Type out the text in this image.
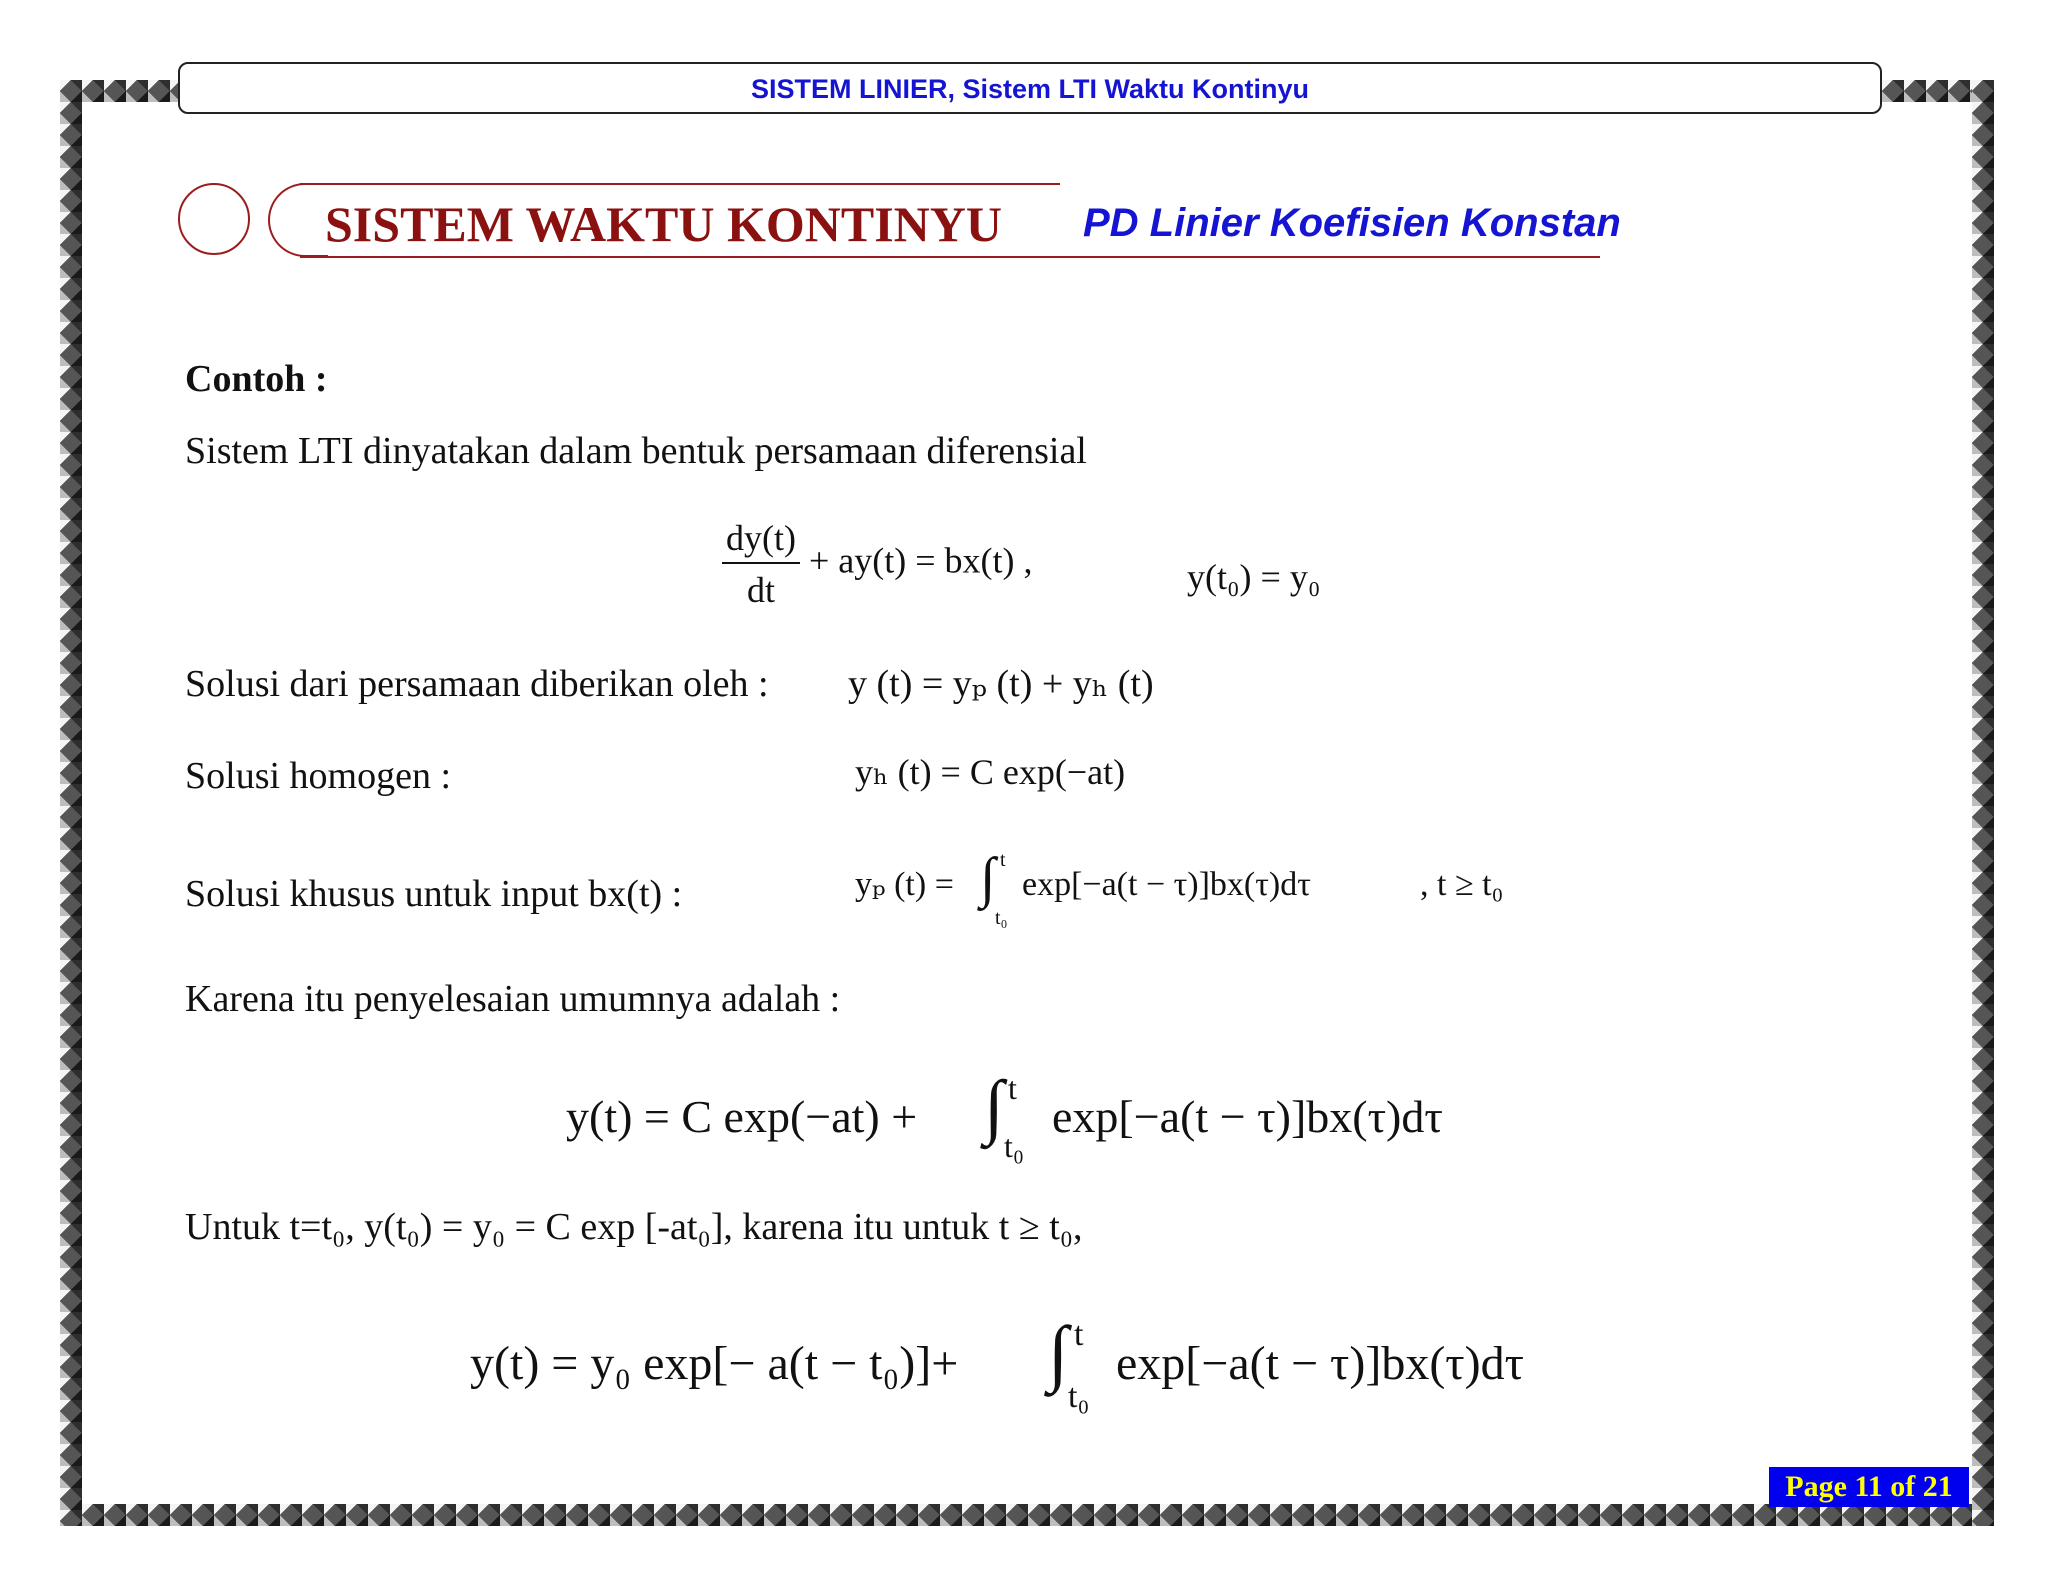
SISTEM LINIER, Sistem LTI Waktu Kontinyu
SISTEM WAKTU KONTINYU PD Linier Koefisien Konstan
Contoh :
Sistem LTI dinyatakan dalam bentuk persamaan diferensial
$\frac{dy(t)}{dt} + ay(t) = bx(t)$ ,	y(t₀) = y₀
Solusi dari persamaan diberikan oleh : y (t) = yₚ (t) + yₕ (t)
Solusi homogen :	yₕ (t) = C exp(−at)
Solusi khusus untuk input bx(t) :	yₚ (t) = ∫ t
t₀
exp[−a(t − τ)]bx(τ)dτ	, t ≥ t₀
Karena itu penyelesaian umumnya adalah :
y(t) = C exp(−at) + ∫ t
t₀
exp[−a(t − τ)]bx(τ)dτ
Untuk t=t₀, y(t₀) = y₀ = C exp [-at₀], karena itu untuk t ≥ t₀,
y(t) = y₀ exp[− a(t − t₀)]+ ∫ t
t₀
exp[−a(t − τ)]bx(τ)dτ
Page 11 of 21
